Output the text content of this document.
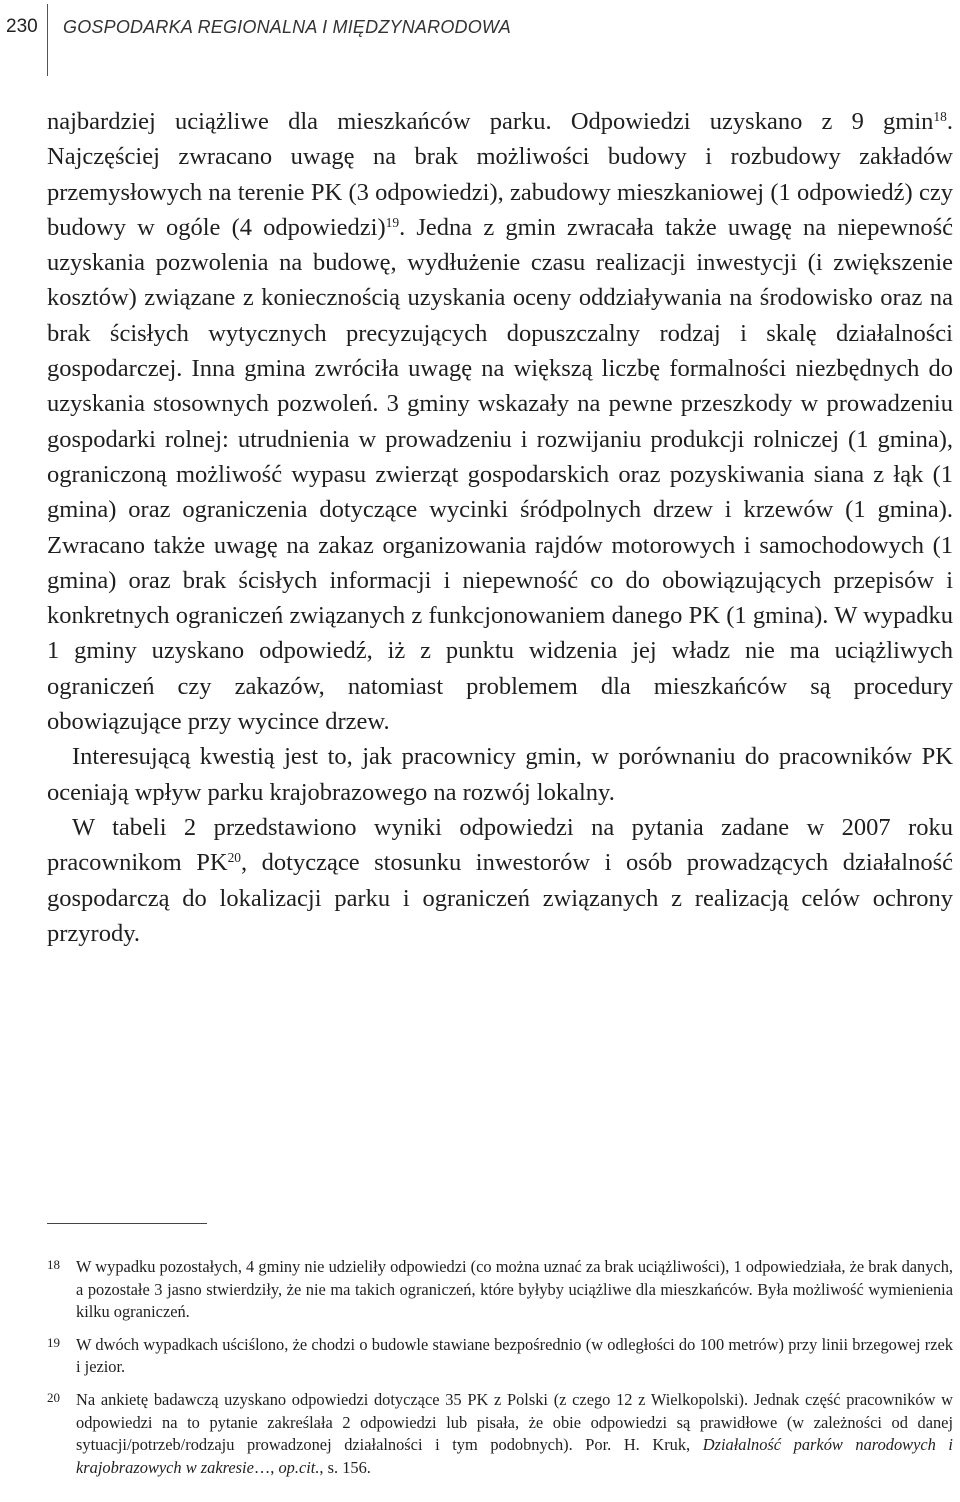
230 GOSPODARKA REGIONALNA I MIĘDZYNARODOWA

najbardziej uciążliwe dla mieszkańców parku. Odpowiedzi uzyskano z 9 gmin$^{18}$. Najczęściej zwracano uwagę na brak możliwości budowy i rozbudowy zakładów przemysłowych na terenie PK (3 odpowiedzi), zabudowy mieszkaniowej (1 odpowiedź) czy budowy w ogóle (4 odpowiedzi)$^{19}$. Jedna z gmin zwracała także uwagę na niepewność uzyskania pozwolenia na budowę, wydłużenie czasu realizacji inwestycji (i zwiększenie kosztów) związane z koniecznością uzyskania oceny oddziaływania na środowisko oraz na brak ścisłych wytycznych precyzujących dopuszczalny rodzaj i skalę działalności gospodarczej. Inna gmina zwróciła uwagę na większą liczbę formalności niezbędnych do uzyskania stosownych pozwoleń. 3 gminy wskazały na pewne przeszkody w prowadzeniu gospodarki rolnej: utrudnienia w prowadzeniu i rozwijaniu produkcji rolniczej (1 gmina), ograniczoną możliwość wypasu zwierząt gospodarskich oraz pozyskiwania siana z łąk (1 gmina) oraz ograniczenia dotyczące wycinki śródpolnych drzew i krzewów (1 gmina). Zwracano także uwagę na zakaz organizowania rajdów motorowych i samochodowych (1 gmina) oraz brak ścisłych informacji i niepewność co do obowiązujących przepisów i konkretnych ograniczeń związanych z funkcjonowaniem danego PK (1 gmina). W wypadku 1 gminy uzyskano odpowiedź, iż z punktu widzenia jej władz nie ma uciążliwych ograniczeń czy zakazów, natomiast problemem dla mieszkańców są procedury obowiązujące przy wycince drzew.

Interesującą kwestią jest to, jak pracownicy gmin, w porównaniu do pracowników PK oceniają wpływ parku krajobrazowego na rozwój lokalny.

W tabeli 2 przedstawiono wyniki odpowiedzi na pytania zadane w 2007 roku pracownikom PK$^{20}$, dotyczące stosunku inwestorów i osób prowadzących działalność gospodarczą do lokalizacji parku i ograniczeń związanych z realizacją celów ochrony przyrody.

18 W wypadku pozostałych, 4 gminy nie udzieliły odpowiedzi (co można uznać za brak uciążliwości), 1 odpowiedziała, że brak danych, a pozostałe 3 jasno stwierdziły, że nie ma takich ograniczeń, które byłyby uciążliwe dla mieszkańców. Była możliwość wymienienia kilku ograniczeń.
19 W dwóch wypadkach uściślono, że chodzi o budowle stawiane bezpośrednio (w odległości do 100 metrów) przy linii brzegowej rzek i jezior.
20 Na ankietę badawczą uzyskano odpowiedzi dotyczące 35 PK z Polski (z czego 12 z Wielkopolski). Jednak część pracowników w odpowiedzi na to pytanie zakreślała 2 odpowiedzi lub pisała, że obie odpowiedzi są prawidłowe (w zależności od danej sytuacji/potrzeb/rodzaju prowadzonej działalności i tym podobnych). Por. H. Kruk, Działalność parków narodowych i krajobrazowych w zakresie…, op.cit., s. 156.
